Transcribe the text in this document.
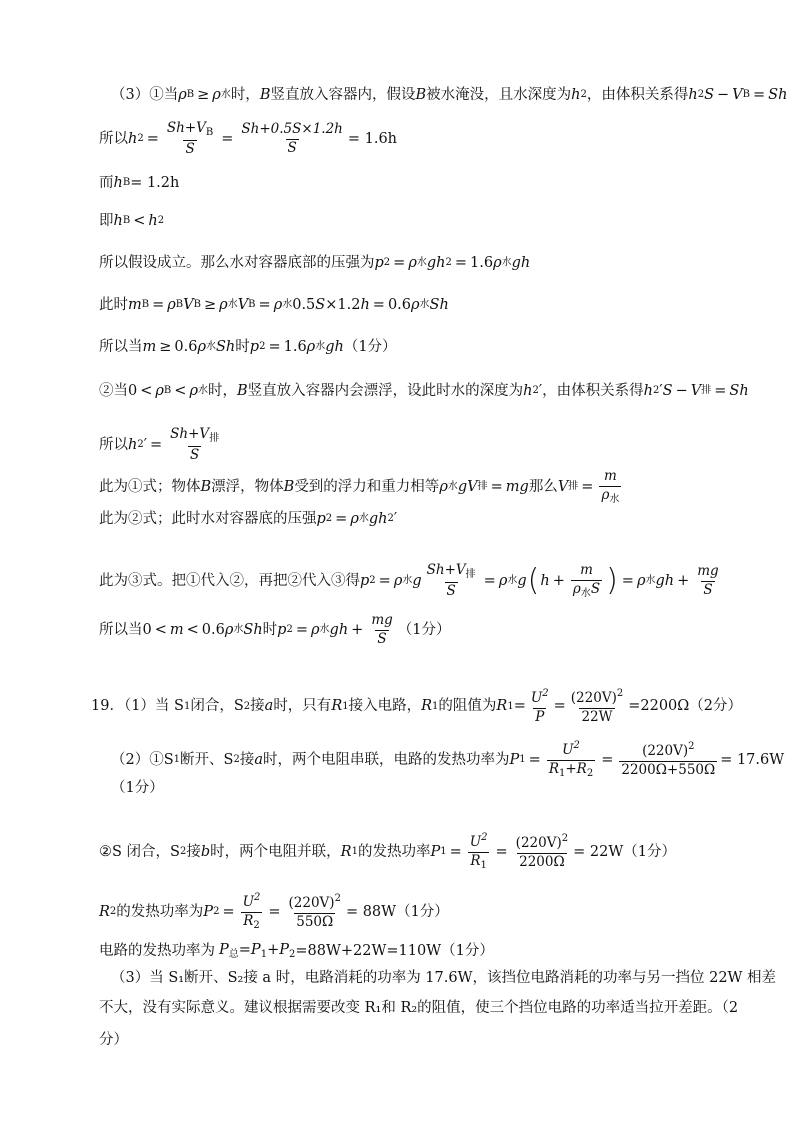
（3）①当 ρ B ≥ ρ 水 时， B 竖直放入容器内，假设 B 被水淹没，且水深度为 h 2 ，由体积关系得 h 2 S − V B = Sh
所以 h $2 = \frac{Sh+V_B}{S} = \frac{Sh+0.5S\times 1.2h}{S} = 1.6h$
而 h B = 1.2h
即 h B < h 2
所以假设成立。那么水对容器底部的压强为 p 2 = ρ 水 gh 2 = 1.6 ρ 水 gh
此时 m B = ρ B V B ≥ ρ 水 V B = ρ 水 0.5 S ×1.2 h = 0.6 ρ 水 Sh
所以当 m ≥ 0.6 ρ 水 Sh 时 p 2 = 1.6 ρ 水 gh （1分）
②当 0 < ρ B < ρ 水 时， B 竖直放入容器内会漂浮，设此时水的深度为 h 2 ′ ，由体积关系得 h 2 ′ S − V 排 = Sh
所以 h 2 ′ =
$Sh+V_排$
S
此为①式；物体 B 漂浮，物体 B 受到的浮力和重力相等 ρ 水 gV 排 = mg 那么 V 排 =
m
$\rho_水$
此为②式；此时水对容器底的压强 p 2 = ρ 水 gh 2 ′
此为③式。把①代入②，再把②代入③得 p 2 = ρ 水 g
$Sh+V_排$
S
= ρ 水 g ( h +
m
$\rho_水S$ ) = ρ 水 gh + $\frac{mg}{S}$
所以当 0 < m < 0.6 ρ 水 Sh 时 p 2 = ρ 水 gh + $\frac{mg}{S} (1$分）
19．（1）当 S 1 闭合，S 2 接 a 时，只有 R 1 接入电路， R 1 的阻值为 R 1 =
$U^2$
P
= $\frac{(220V)^2}{22W} =2200\Omega(2$分）
（2）①S 1 断开、S 2 接 a 时，两个电阻串联，电路的发热功率为 P $1 = \frac{U^2}{R_1+R_2} = \frac{(220V)^2}{2200\Omega+550\Omega} = 17.6W$
（1分）
②S 闭合，S 2 接 b 时，两个电阻并联， R 1 的发热功率 P $1 = \frac{U^2}{R_1} = \frac{(220V)^2}{2200\Omega} = 22W(1$分）
R 2 的发热功率为 P $2 = \frac{U^2}{R_2} = \frac{(220V)^2}{550\Omega} = 88W(1$分）
电路的发热功率为 $P_总=P_1+P_2 =88W+22W=110W(1$分）
（3）当 S₁断开、S₂接 a 时，电路消耗的功率为 17.6W，该挡位电路消耗的功率与另一挡位 22W 相差
不大，没有实际意义。建议根据需要改变 R₁和 R₂的阻值，使三个挡位电路的功率适当拉开差距。（2
分）
